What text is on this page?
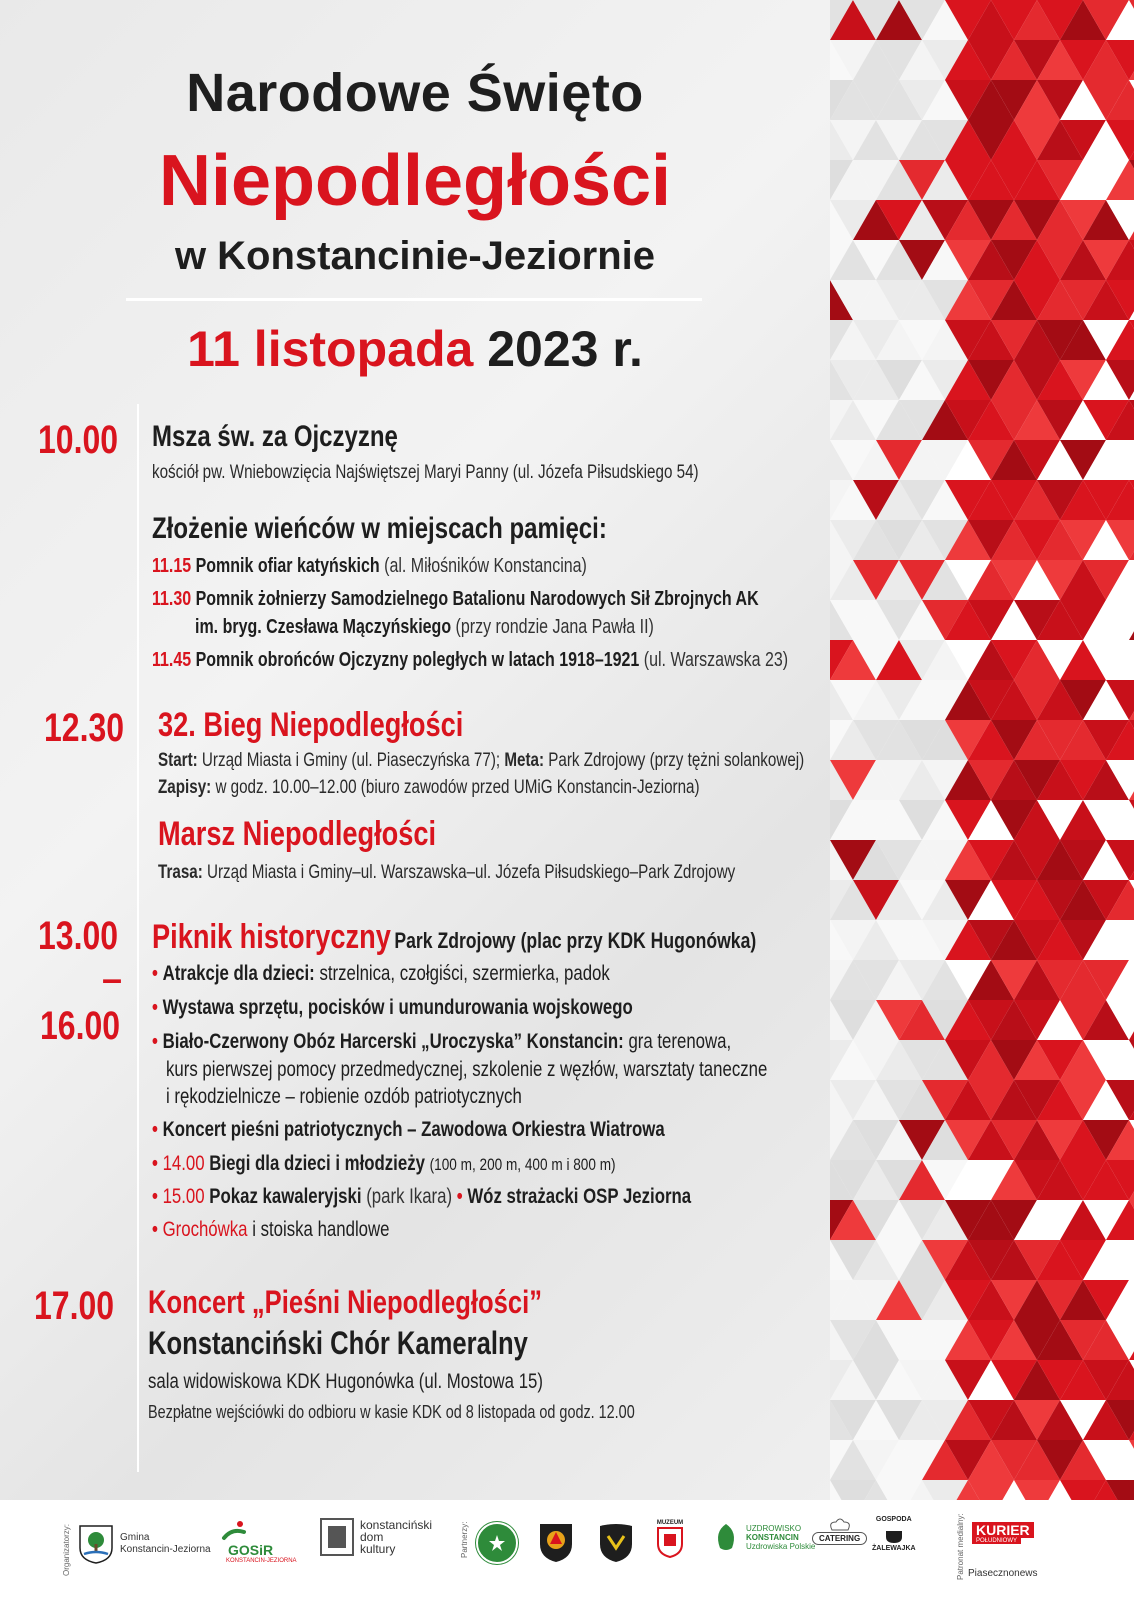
Narodowe Święto
Niepodległości
w Konstancinie-Jeziornie
11 listopada 2023 r.
10.00	Msza św. za Ojczyznę
kościół pw. Wniebowzięcia Najświętszej Maryi Panny (ul. Józefa Piłsudskiego 54)
Złożenie wieńców w miejscach pamięci:
11.15 Pomnik ofiar katyńskich (al. Miłośników Konstancina)
11.30 Pomnik żołnierzy Samodzielnego Batalionu Narodowych Sił Zbrojnych AK
im. bryg. Czesława Mączyńskiego (przy rondzie Jana Pawła II)
11.45 Pomnik obrońców Ojczyzny poległych w latach 1918–1921 (ul. Warszawska 23)
12.30 32. Bieg Niepodległości
Start: Urząd Miasta i Gminy (ul. Piaseczyńska 77); Meta: Park Zdrojowy (przy tężni solankowej)
Zapisy: w godz. 10.00–12.00 (biuro zawodów przed UMiG Konstancin-Jeziorna)
Marsz Niepodległości
Trasa: Urząd Miasta i Gminy–ul. Warszawska–ul. Józefa Piłsudskiego–Park Zdrojowy
13.00
–
16.00
Piknik historyczny Park Zdrojowy (plac przy KDK Hugonówka)
• Atrakcje dla dzieci: strzelnica, czołgiści, szermierka, padok
• Wystawa sprzętu, pocisków i umundurowania wojskowego
• Biało-Czerwony Obóz Harcerski „Uroczyska” Konstancin: gra terenowa,
kurs pierwszej pomocy przedmedycznej, szkolenie z węzłów, warsztaty taneczne
i rękodzielnicze – robienie ozdób patriotycznych
• Koncert pieśni patriotycznych – Zawodowa Orkiestra Wiatrowa
• 14.00 Biegi dla dzieci i młodzieży (100 m, 200 m, 400 m i 800 m)
• 15.00 Pokaz kawaleryjski (park Ikara) • Wóz strażacki OSP Jeziorna
• Grochówka i stoiska handlowe
17.00	Koncert „Pieśni Niepodległości”
Konstanciński Chór Kameralny
sala widowiskowa KDK Hugonówka (ul. Mostowa 15)
Bezpłatne wejściówki do odbioru w kasie KDK od 8 listopada od godz. 12.00
Organizatorzy:	Partnerzy:	Patronat medialny:
Gmina
Konstancin-Jeziorna GOSiR
KONSTANCIN-JEZIORNA
konstanciński
dom
kultury
MUZEUM
UZDROWISKO
KONSTANCIN
Uzdrowiska Polskie
CATERING
GOSPODA
ŻALEWAJKA
KURIER
POŁUDNIOWY
Piasecznonews
